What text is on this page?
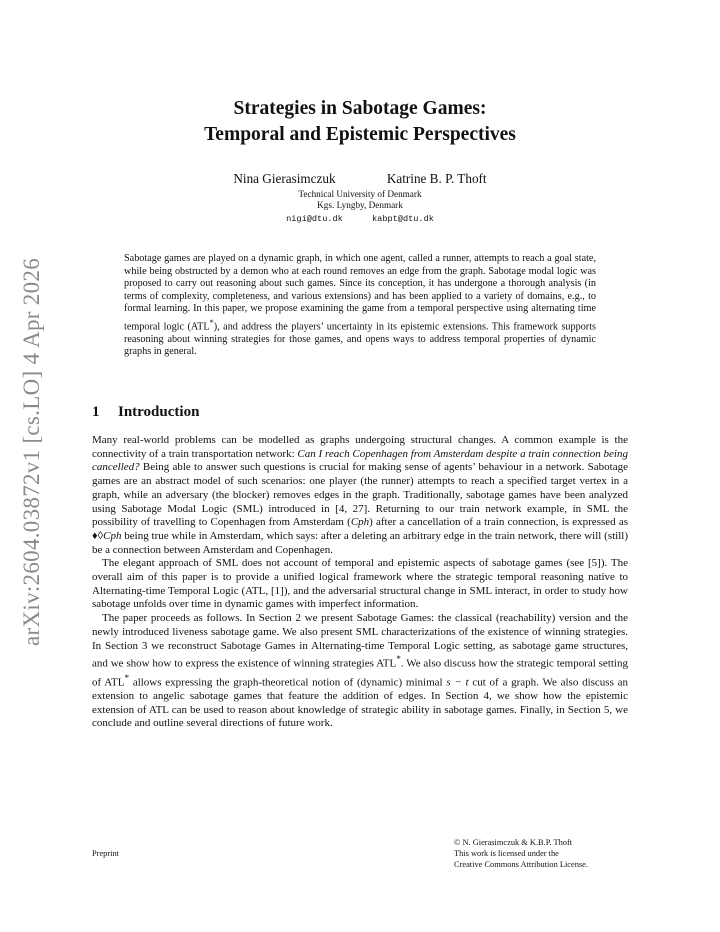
arXiv:2604.03872v1 [cs.LO] 4 Apr 2026
Strategies in Sabotage Games:
Temporal and Epistemic Perspectives
Nina Gierasimczuk	Katrine B. P. Thoft
Technical University of Denmark
Kgs. Lyngby, Denmark
nigi@dtu.dk	kabpt@dtu.dk
Sabotage games are played on a dynamic graph, in which one agent, called a runner, attempts to reach a goal state, while being obstructed by a demon who at each round removes an edge from the graph. Sabotage modal logic was proposed to carry out reasoning about such games. Since its conception, it has undergone a thorough analysis (in terms of complexity, completeness, and various extensions) and has been applied to a variety of domains, e.g., to formal learning. In this paper, we propose examining the game from a temporal perspective using alternating time temporal logic (ATL*), and address the players’ uncertainty in its epistemic extensions. This framework supports reasoning about winning strategies for those games, and opens ways to address temporal properties of dynamic graphs in general.
1 Introduction

Many real-world problems can be modelled as graphs undergoing structural changes. A common example is the connectivity of a train transportation network: Can I reach Copenhagen from Amsterdam despite a train connection being cancelled? Being able to answer such questions is crucial for making sense of agents’ behaviour in a network. Sabotage games are an abstract model of such scenarios: one player (the runner) attempts to reach a specified target vertex in a graph, while an adversary (the blocker) removes edges in the graph. Traditionally, sabotage games have been analyzed using Sabotage Modal Logic (SML) introduced in [4, 27]. Returning to our train network example, in SML the possibility of travelling to Copenhagen from Amsterdam (Cph) after a cancellation of a train connection, is expressed as ♦◊Cph being true while in Amsterdam, which says: after a deleting an arbitrary edge in the train network, there will (still) be a connection between Amsterdam and Copenhagen.

The elegant approach of SML does not account of temporal and epistemic aspects of sabotage games (see [5]). The overall aim of this paper is to provide a unified logical framework where the strategic temporal reasoning native to Alternating-time Temporal Logic (ATL, [1]), and the adversarial structural change in SML interact, in order to study how sabotage unfolds over time in dynamic games with imperfect information.

The paper proceeds as follows. In Section 2 we present Sabotage Games: the classical (reachability) version and the newly introduced liveness sabotage game. We also present SML characterizations of the existence of winning strategies. In Section 3 we reconstruct Sabotage Games in Alternating-time Temporal Logic setting, as sabotage game structures, and we show how to express the existence of winning strategies ATL*. We also discuss how the strategic temporal setting of ATL* allows expressing the graph-theoretical notion of (dynamic) minimal s − t cut of a graph. We also discuss an extension to angelic sabotage games that feature the addition of edges. In Section 4, we show how the epistemic extension of ATL can be used to reason about knowledge of strategic ability in sabotage games. Finally, in Section 5, we conclude and outline several directions of future work.

Preprint
© N. Gierasimczuk & K.B.P. Thoft
This work is licensed under the
Creative Commons Attribution License.
